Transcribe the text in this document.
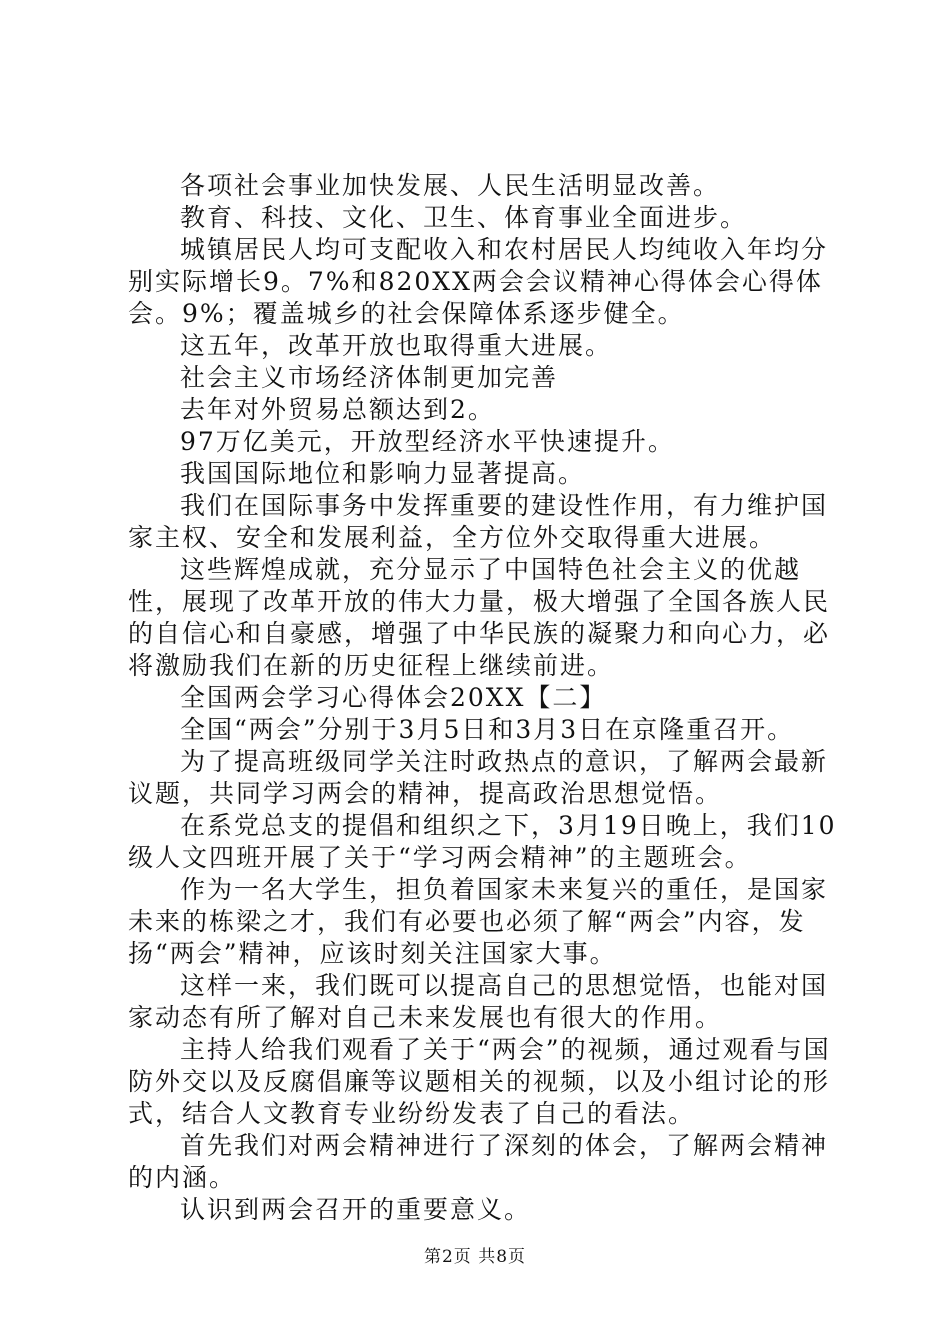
各项社会事业加快发展、人民生活明显改善。

教育、科技、文化、卫生、体育事业全面进步。

城镇居民人均可支配收入和农村居民人均纯收入年均分别实际增长9。7%和820XX两会会议精神心得体会心得体会。9%；覆盖城乡的社会保障体系逐步健全。

这五年，改革开放也取得重大进展。

社会主义市场经济体制更加完善

去年对外贸易总额达到2。

97万亿美元，开放型经济水平快速提升。

我国国际地位和影响力显著提高。

我们在国际事务中发挥重要的建设性作用，有力维护国家主权、安全和发展利益，全方位外交取得重大进展。

这些辉煌成就，充分显示了中国特色社会主义的优越性，展现了改革开放的伟大力量，极大增强了全国各族人民的自信心和自豪感，增强了中华民族的凝聚力和向心力，必将激励我们在新的历史征程上继续前进。

全国两会学习心得体会20XX【二】

全国“两会”分别于3月5日和3月3日在京隆重召开。

为了提高班级同学关注时政热点的意识，了解两会最新议题，共同学习两会的精神，提高政治思想觉悟。

在系党总支的提倡和组织之下，3月19日晚上，我们10级人文四班开展了关于“学习两会精神”的主题班会。

作为一名大学生，担负着国家未来复兴的重任，是国家未来的栋梁之才，我们有必要也必须了解“两会”内容，发扬“两会”精神，应该时刻关注国家大事。

这样一来，我们既可以提高自己的思想觉悟，也能对国家动态有所了解对自己未来发展也有很大的作用。

主持人给我们观看了关于“两会”的视频，通过观看与国防外交以及反腐倡廉等议题相关的视频，以及小组讨论的形式，结合人文教育专业纷纷发表了自己的看法。

首先我们对两会精神进行了深刻的体会，了解两会精神的内涵。

认识到两会召开的重要意义。

第2页 共8页
